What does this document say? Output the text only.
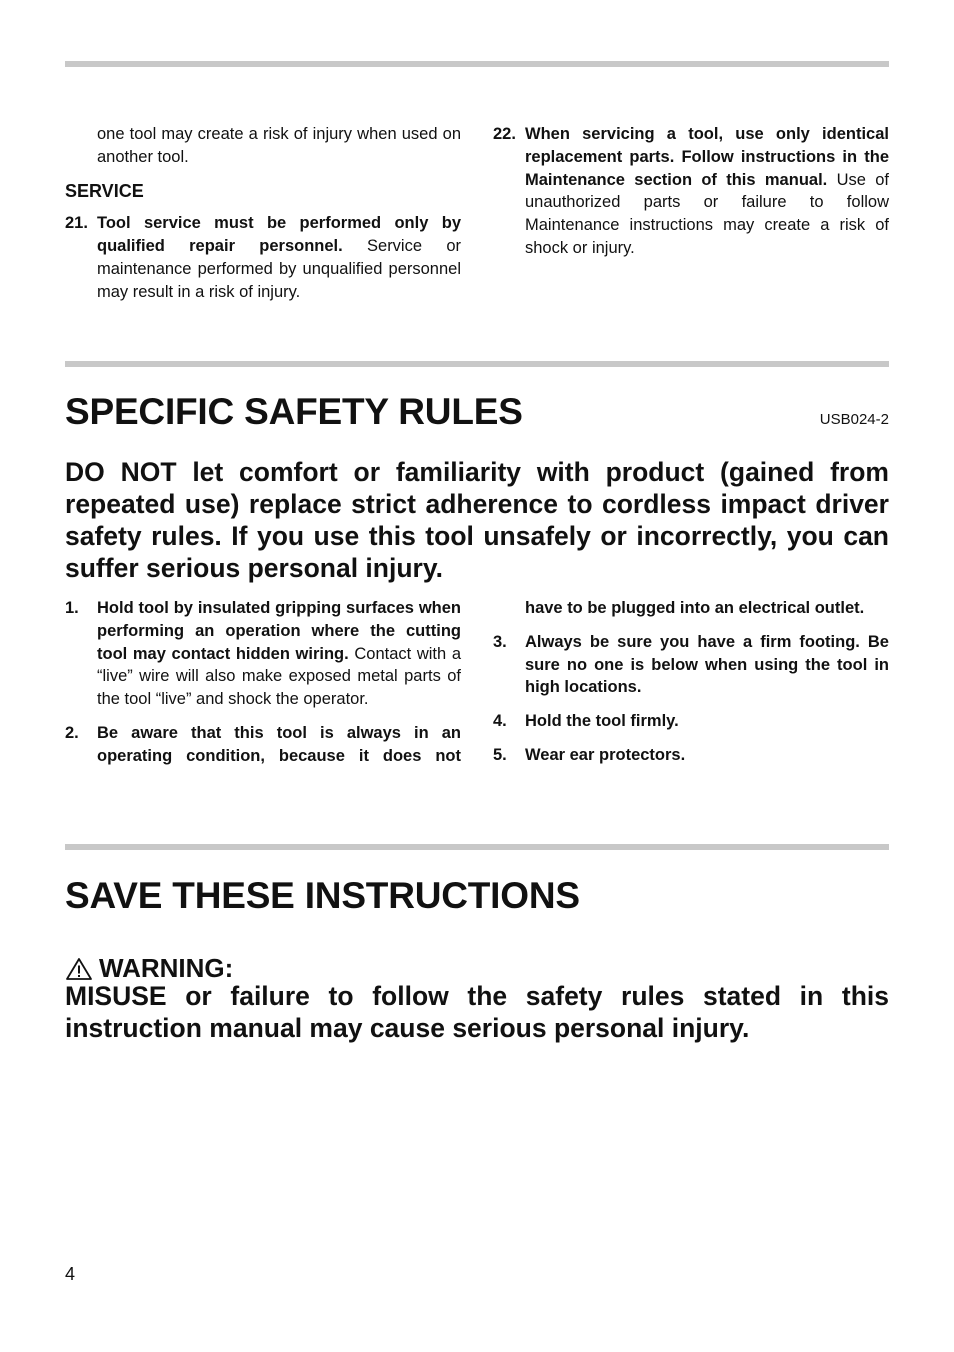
one tool may create a risk of injury when used on another tool.

SERVICE

21. Tool service must be performed only by qualified repair personnel. Service or maintenance performed by unqualified personnel may result in a risk of injury.

22. When servicing a tool, use only identical replacement parts. Follow instructions in the Maintenance section of this manual. Use of unauthorized parts or failure to follow Maintenance instructions may create a risk of shock or injury.

SPECIFIC SAFETY RULES	USB024-2

DO NOT let comfort or familiarity with product (gained from repeated use) replace strict adherence to cordless impact driver safety rules. If you use this tool unsafely or incorrectly, you can suffer serious personal injury.

1. Hold tool by insulated gripping surfaces when performing an operation where the cutting tool may contact hidden wiring. Contact with a “live” wire will also make exposed metal parts of the tool “live” and shock the operator.

2. Be aware that this tool is always in an operating condition, because it does not

have to be plugged into an electrical outlet.

3. Always be sure you have a firm footing. Be sure no one is below when using the tool in high locations.

4. Hold the tool firmly.

5. Wear ear protectors.

SAVE THESE INSTRUCTIONS
WARNING:

MISUSE or failure to follow the safety rules stated in this instruction manual may cause serious personal injury.

4
